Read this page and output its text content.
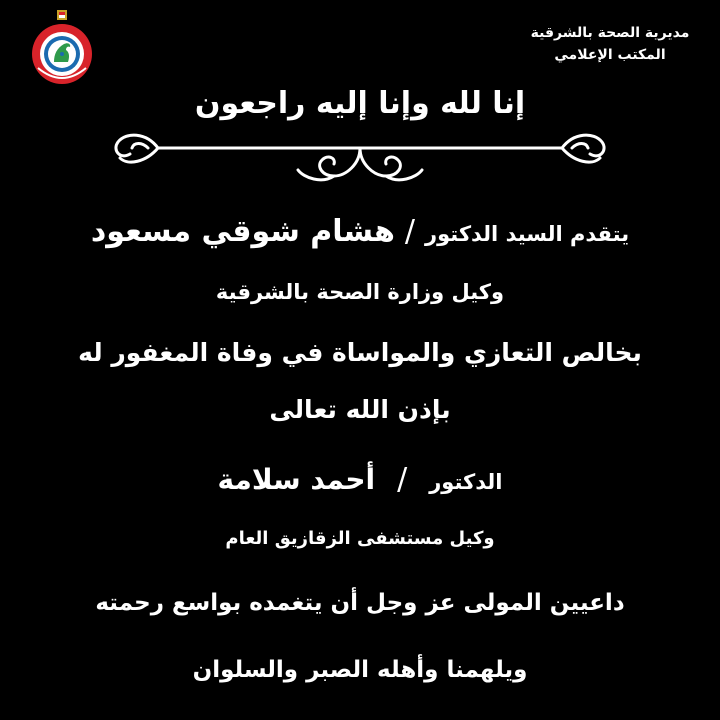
مديرية الصحة بالشرقية
المكتب الإعلامي
إنا لله وإنا إليه راجعون
يتقدم السيد الدكتور/هشام شوقي مسعود
وكيل وزارة الصحة بالشرقية
بخالص التعازي والمواساة في وفاة المغفور له
بإذن الله تعالى
الدكتور/أحمد سلامة
وكيل مستشفى الزقازيق العام
داعيين المولى عز وجل أن يتغمده بواسع رحمته
ويلهمنا وأهله الصبر والسلوان
